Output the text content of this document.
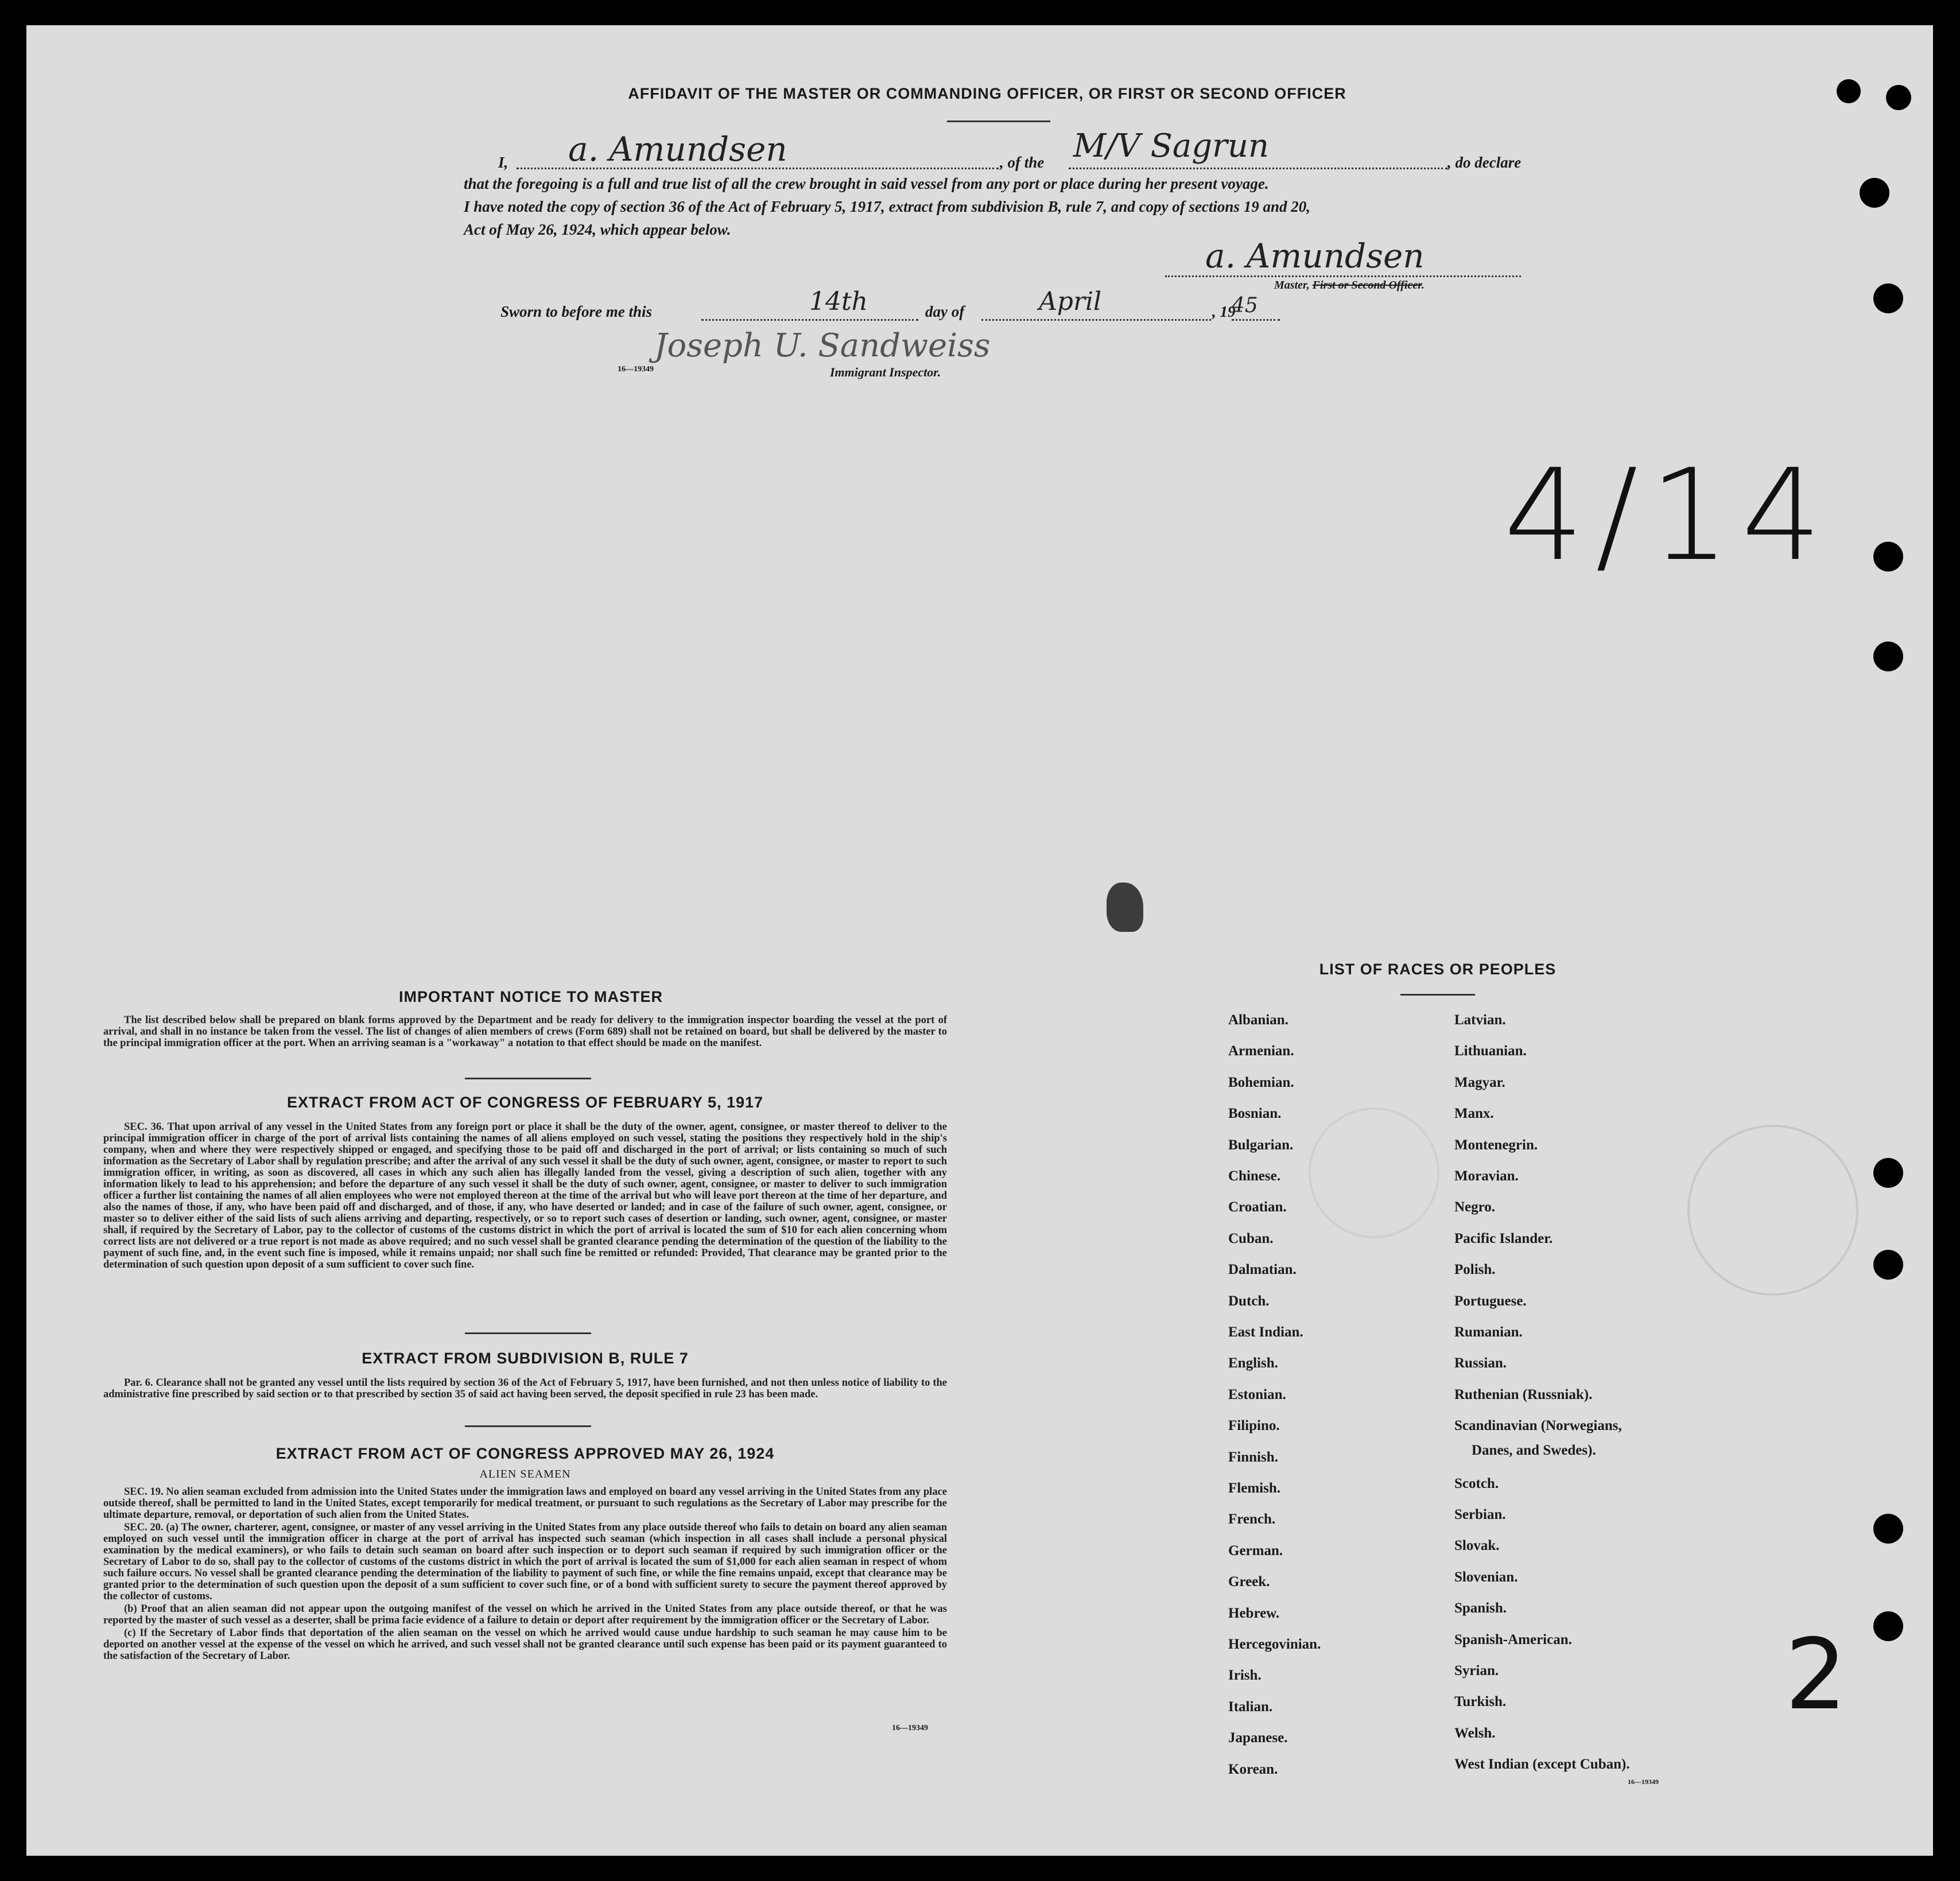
AFFIDAVIT OF THE MASTER OR COMMANDING OFFICER, OR FIRST OR SECOND OFFICER
I, a. Amundsen	, of the M/V Sagrun	, do declare
that the foregoing is a full and true list of all the crew brought in said vessel from any port or place during her present voyage.
I have noted the copy of section 36 of the Act of February 5, 1917, extract from subdivision B, rule 7, and copy of sections 19 and 20,
Act of May 26, 1924, which appear below.
a. Amundsen
Master, First or Second Officer.
Sworn to before me this	14th	day of	April	, 19
45
Joseph U. Sandweiss
Immigrant Inspector.
16—19349
4/14
2
IMPORTANT NOTICE TO MASTER

The list described below shall be prepared on blank forms approved by the Department and be ready for delivery to the immigration inspector boarding the vessel at the port of arrival, and shall in no instance be taken from the vessel. The list of changes of alien members of crews (Form 689) shall not be retained on board, but shall be delivered by the master to the principal immigration officer at the port. When an arriving seaman is a "workaway" a notation to that effect should be made on the manifest.

EXTRACT FROM ACT OF CONGRESS OF FEBRUARY 5, 1917

SEC. 36. That upon arrival of any vessel in the United States from any foreign port or place it shall be the duty of the owner, agent, consignee, or master thereof to deliver to the principal immigration officer in charge of the port of arrival lists containing the names of all aliens employed on such vessel, stating the positions they respectively hold in the ship's company, when and where they were respectively shipped or engaged, and specifying those to be paid off and discharged in the port of arrival; or lists containing so much of such information as the Secretary of Labor shall by regulation prescribe; and after the arrival of any such vessel it shall be the duty of such owner, agent, consignee, or master to report to such immigration officer, in writing, as soon as discovered, all cases in which any such alien has illegally landed from the vessel, giving a description of such alien, together with any information likely to lead to his apprehension; and before the departure of any such vessel it shall be the duty of such owner, agent, consignee, or master to deliver to such immigration officer a further list containing the names of all alien employees who were not employed thereon at the time of the arrival but who will leave port thereon at the time of her departure, and also the names of those, if any, who have been paid off and discharged, and of those, if any, who have deserted or landed; and in case of the failure of such owner, agent, consignee, or master so to deliver either of the said lists of such aliens arriving and departing, respectively, or so to report such cases of desertion or landing, such owner, agent, consignee, or master shall, if required by the Secretary of Labor, pay to the collector of customs of the customs district in which the port of arrival is located the sum of $10 for each alien concerning whom correct lists are not delivered or a true report is not made as above required; and no such vessel shall be granted clearance pending the determination of the question of the liability to the payment of such fine, and, in the event such fine is imposed, while it remains unpaid; nor shall such fine be remitted or refunded: Provided, That clearance may be granted prior to the determination of such question upon deposit of a sum sufficient to cover such fine.

EXTRACT FROM SUBDIVISION B, RULE 7

Par. 6. Clearance shall not be granted any vessel until the lists required by section 36 of the Act of February 5, 1917, have been furnished, and not then unless notice of liability to the administrative fine prescribed by said section or to that prescribed by section 35 of said act having been served, the deposit specified in rule 23 has been made.

EXTRACT FROM ACT OF CONGRESS APPROVED MAY 26, 1924
ALIEN SEAMEN

SEC. 19. No alien seaman excluded from admission into the United States under the immigration laws and employed on board any vessel arriving in the United States from any place outside thereof, shall be permitted to land in the United States, except temporarily for medical treatment, or pursuant to such regulations as the Secretary of Labor may prescribe for the ultimate departure, removal, or deportation of such alien from the United States.

SEC. 20. (a) The owner, charterer, agent, consignee, or master of any vessel arriving in the United States from any place outside thereof who fails to detain on board any alien seaman employed on such vessel until the immigration officer in charge at the port of arrival has inspected such seaman (which inspection in all cases shall include a personal physical examination by the medical examiners), or who fails to detain such seaman on board after such inspection or to deport such seaman if required by such immigration officer or the Secretary of Labor to do so, shall pay to the collector of customs of the customs district in which the port of arrival is located the sum of $1,000 for each alien seaman in respect of whom such failure occurs. No vessel shall be granted clearance pending the determination of the liability to payment of such fine, or while the fine remains unpaid, except that clearance may be granted prior to the determination of such question upon the deposit of a sum sufficient to cover such fine, or of a bond with sufficient surety to secure the payment thereof approved by the collector of customs.

(b) Proof that an alien seaman did not appear upon the outgoing manifest of the vessel on which he arrived in the United States from any place outside thereof, or that he was reported by the master of such vessel as a deserter, shall be prima facie evidence of a failure to detain or deport after requirement by the immigration officer or the Secretary of Labor.

(c) If the Secretary of Labor finds that deportation of the alien seaman on the vessel on which he arrived would cause undue hardship to such seaman he may cause him to be deported on another vessel at the expense of the vessel on which he arrived, and such vessel shall not be granted clearance until such expense has been paid or its payment guaranteed to the satisfaction of the Secretary of Labor.

16—19349
LIST OF RACES OR PEOPLES
Albanian.
Armenian.
Bohemian.
Bosnian.
Bulgarian.
Chinese.
Croatian.
Cuban.
Dalmatian.
Dutch.
East Indian.
English.
Estonian.
Filipino.
Finnish.
Flemish.
French.
German.
Greek.
Hebrew.
Hercegovinian.
Irish.
Italian.
Japanese.
Korean.
Latvian.
Lithuanian.
Magyar.
Manx.
Montenegrin.
Moravian.
Negro.
Pacific Islander.
Polish.
Portuguese.
Rumanian.
Russian.
Ruthenian (Russniak).
Scandinavian (Norwegians,
Scotch.
Serbian.
Slovak.
Slovenian.
Spanish.
Spanish-American.
Syrian.
Turkish.
Welsh.
West Indian (except Cuban).
Danes, and Swedes).
16—19349
